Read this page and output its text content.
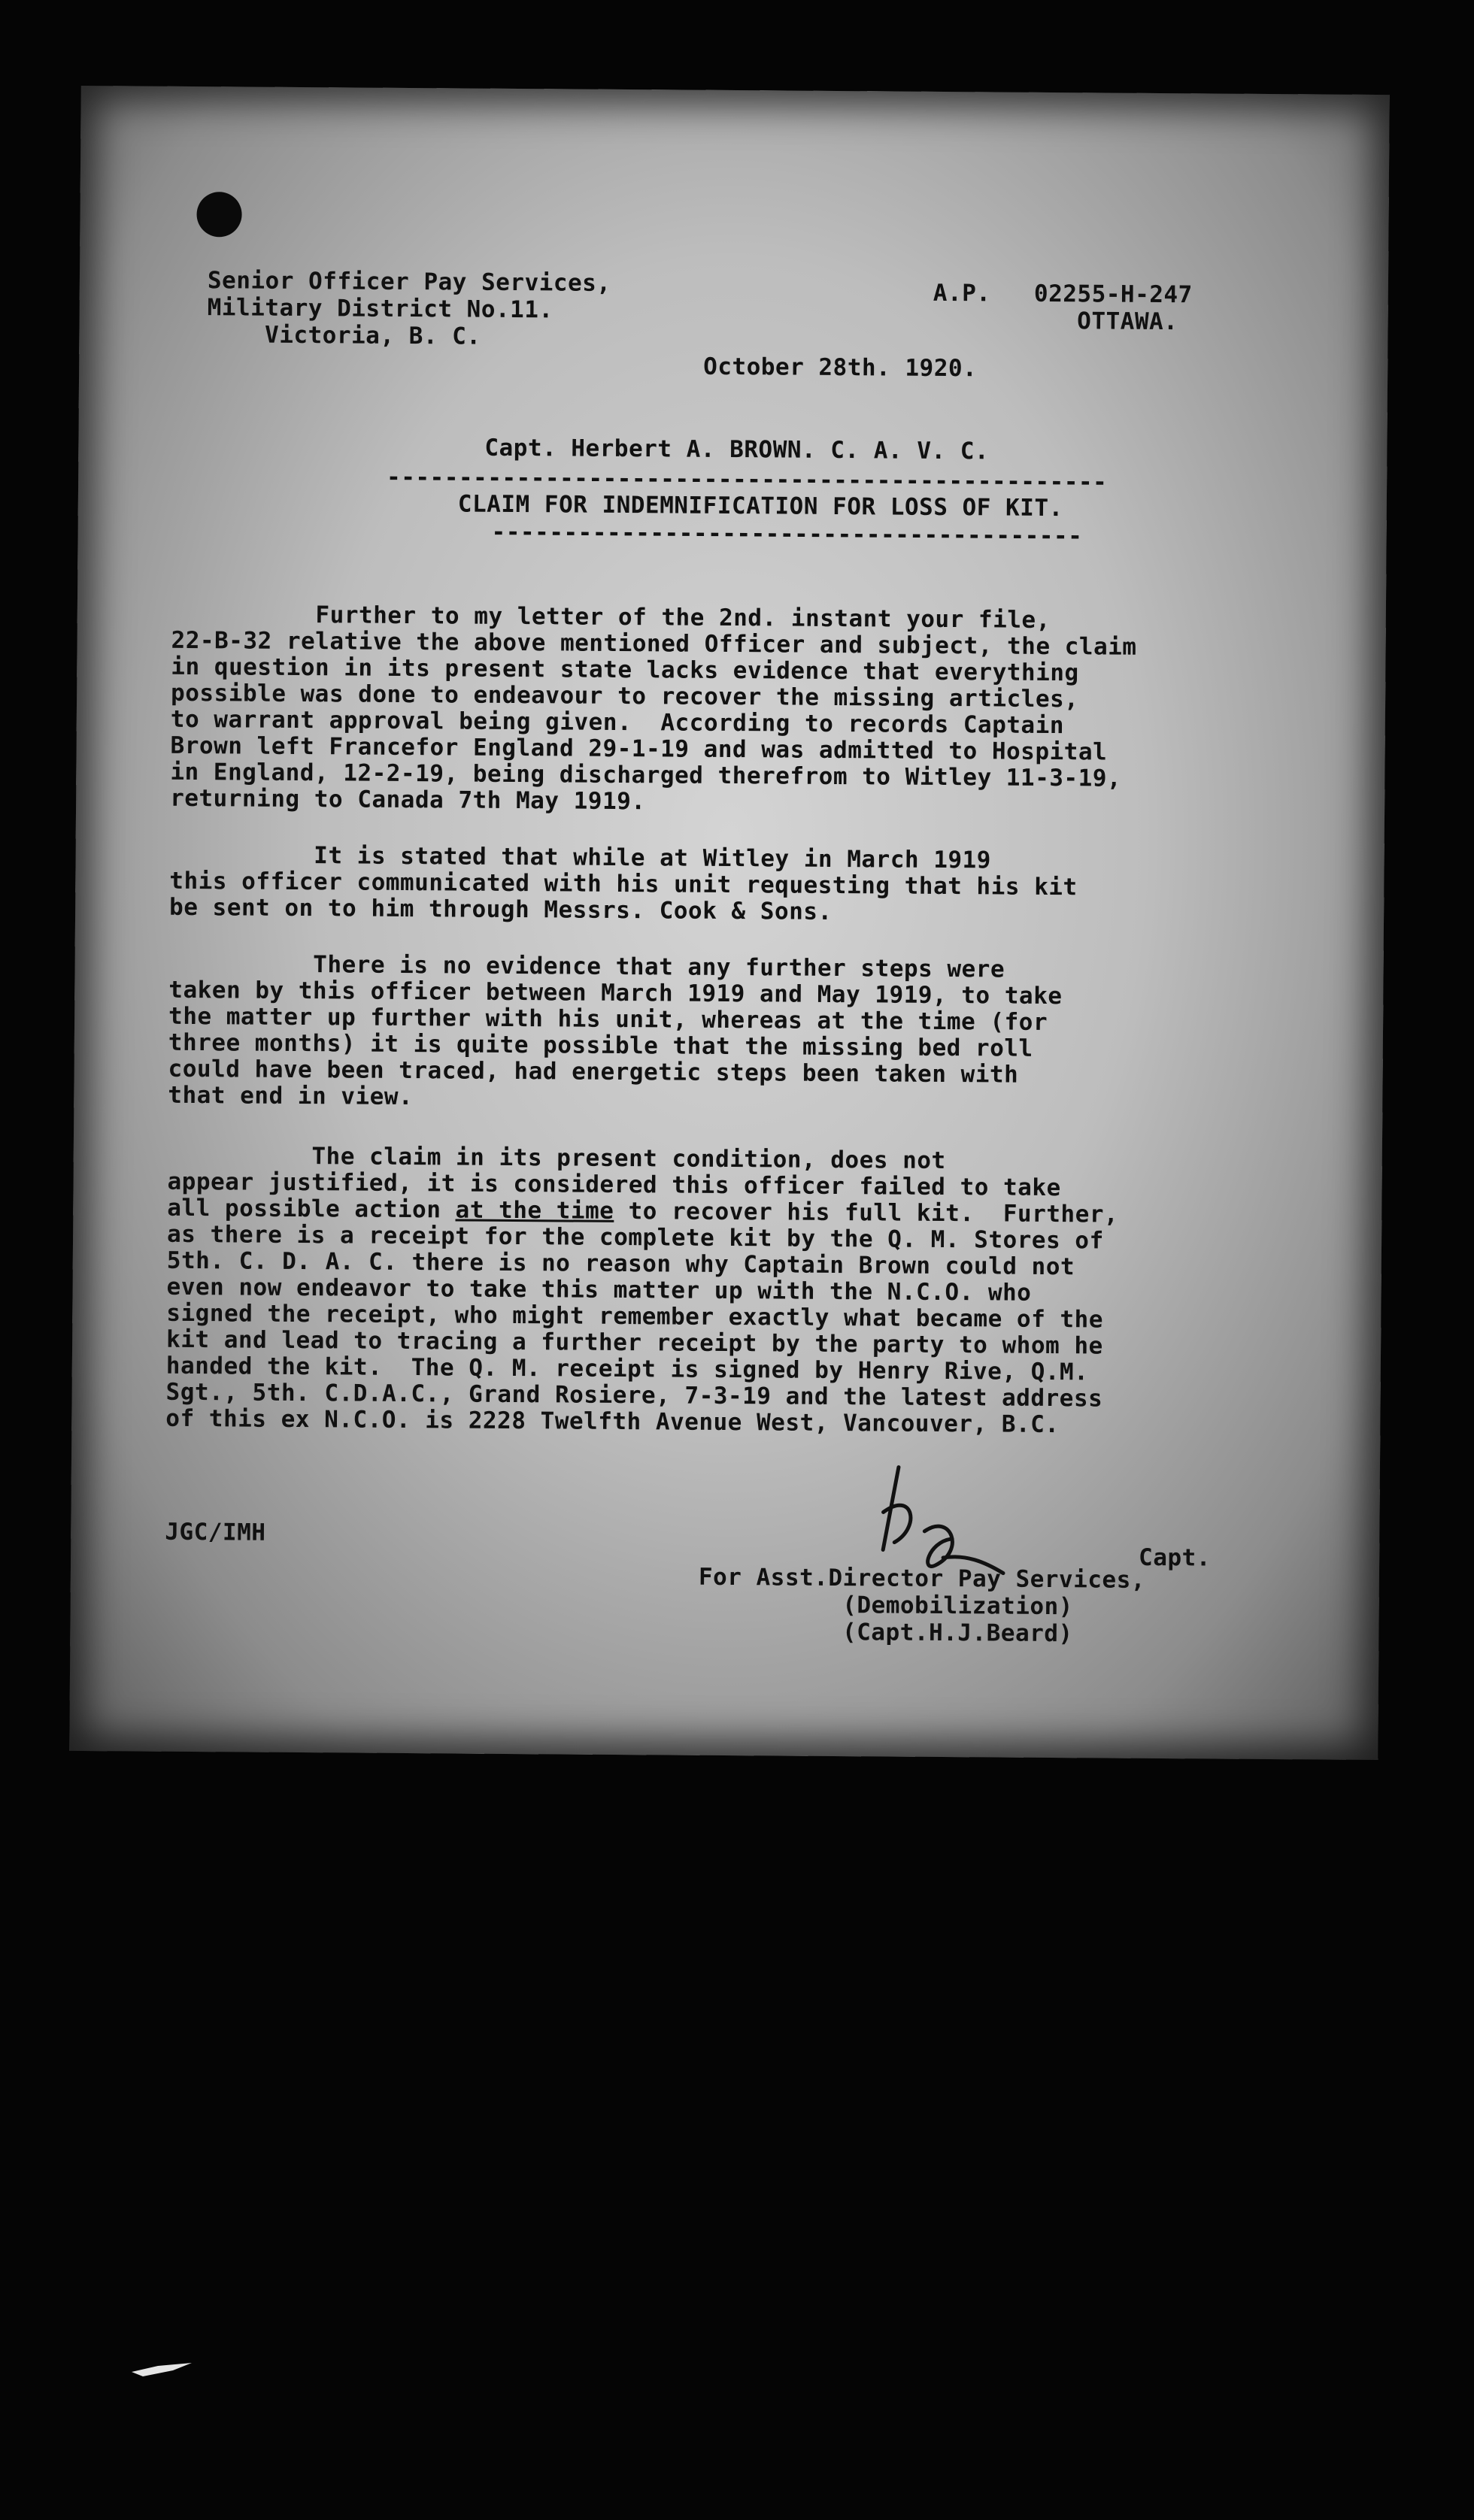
Senior Officer Pay Services,
Military District No.11.
Victoria, B. C.
A.P.   02255-H-247
OTTAWA.
October 28th. 1920.
Capt. Herbert A. BROWN. C. A. V. C.
--------------------------------------------------
CLAIM FOR INDEMNIFICATION FOR LOSS OF KIT.
-----------------------------------------
Further to my letter of the 2nd. instant your file,
22-B-32 relative the above mentioned Officer and subject, the claim
in question in its present state lacks evidence that everything
possible was done to endeavour to recover the missing articles,
to warrant approval being given.  According to records Captain
Brown left Francefor England 29-1-19 and was admitted to Hospital
in England, 12-2-19, being discharged therefrom to Witley 11-3-19,
returning to Canada 7th May 1919.
It is stated that while at Witley in March 1919
this officer communicated with his unit requesting that his kit
be sent on to him through Messrs. Cook & Sons.
There is no evidence that any further steps were
taken by this officer between March 1919 and May 1919, to take
the matter up further with his unit, whereas at the time (for
three months) it is quite possible that the missing bed roll
could have been traced, had energetic steps been taken with
that end in view.
The claim in its present condition, does not
appear justified, it is considered this officer failed to take
all possible action at the time to recover his full kit.  Further,
as there is a receipt for the complete kit by the Q. M. Stores of
5th. C. D. A. C. there is no reason why Captain Brown could not
even now endeavor to take this matter up with the N.C.O. who
signed the receipt, who might remember exactly what became of the
kit and lead to tracing a further receipt by the party to whom he
handed the kit.  The Q. M. receipt is signed by Henry Rive, Q.M.
Sgt., 5th. C.D.A.C., Grand Rosiere, 7-3-19 and the latest address
of this ex N.C.O. is 2228 Twelfth Avenue West, Vancouver, B.C.
JGC/IMH
Capt.
For Asst.Director Pay Services,
(Demobilization)
(Capt.H.J.Beard)
